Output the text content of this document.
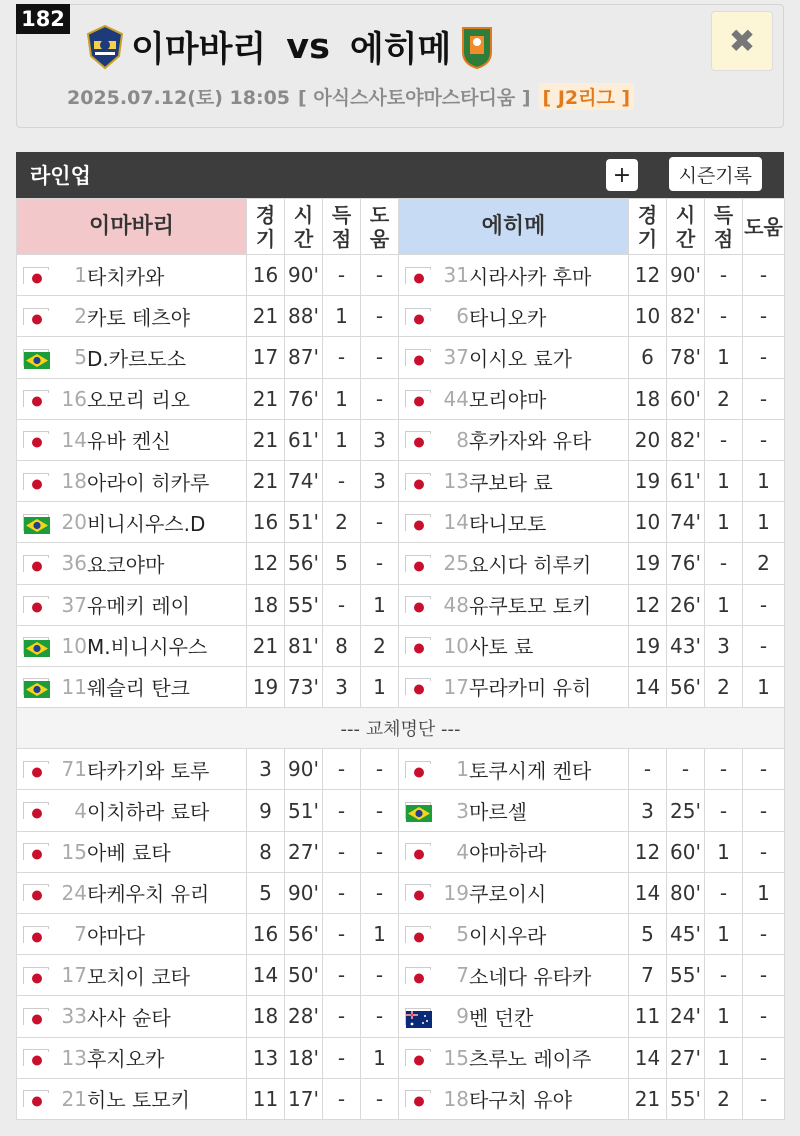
182
이마바리 vs 에히메	✖
2025.07.12(토) 18:05 [ 아식스사토야마스타디움 ] [ J2리그 ]
라인업	+	시즌기록
이마바리	경기	시간	득점	도움	에히메	경기	시간	득점	도움
1타치카와	16	90'	-	-	31시라사카 후마	12	90'	-	-
2카토 테츠야	21	88'	1	-	6타니오카	10	82'	-	-
5D.카르도소	17	87'	-	-	37이시오 료가	6	78'	1	-
16오모리 리오	21	76'	1	-	44모리야마	18	60'	2	-
14유바 켄신	21	61'	1	3	8후카자와 유타	20	82'	-	-
18아라이 히카루	21	74'	-	3	13쿠보타 료	19	61'	1	1
20비니시우스.D	16	51'	2	-	14타니모토	10	74'	1	1
36요코야마	12	56'	5	-	25요시다 히루키	19	76'	-	2
37유메키 레이	18	55'	-	1	48유쿠토모 토키	12	26'	1	-
10M.비니시우스	21	81'	8	2	10사토 료	19	43'	3	-
11웨슬리 탄크	19	73'	3	1	17무라카미 유히	14	56'	2	1
--- 교체명단 ---									
71타카기와 토루	3	90'	-	-	1토쿠시게 켄타	-	-	-	-
4이치하라 료타	9	51'	-	-	3마르셀	3	25'	-	-
15아베 료타	8	27'	-	-	4야마하라	12	60'	1	-
24타케우치 유리	5	90'	-	-	19쿠로이시	14	80'	-	1
7야마다	16	56'	-	1	5이시우라	5	45'	1	-
17모치이 코타	14	50'	-	-	7소네다 유타카	7	55'	-	-
33사사 슌타	18	28'	-	-	9벤 던칸	11	24'	1	-
13후지오카	13	18'	-	1	15츠루노 레이주	14	27'	1	-
21히노 토모키	11	17'	-	-	18타구치 유야	21	55'	2	-
